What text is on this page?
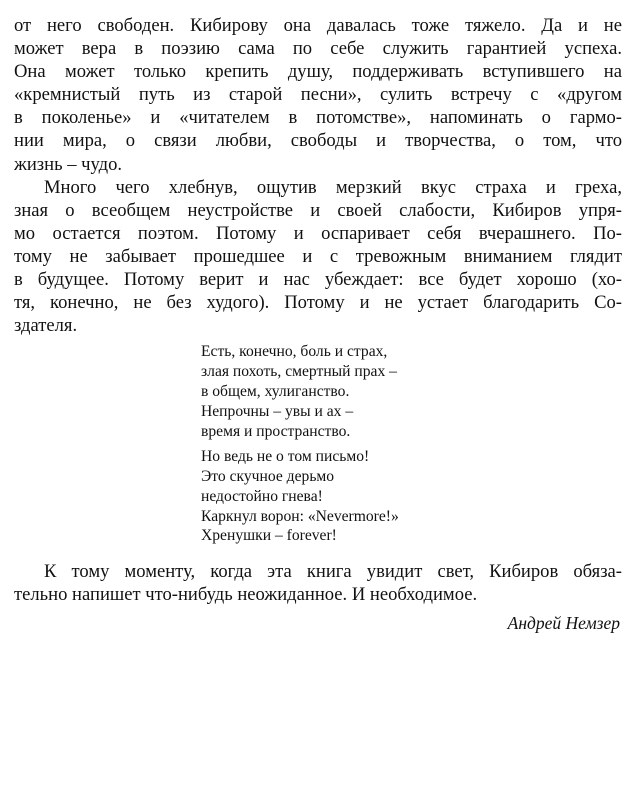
от него свободен. Кибирову она давалась тоже тяжело. Да и не
может вера в поэзию сама по себе служить гарантией успеха.
Она может только крепить душу, поддерживать вступившего на
«кремнистый путь из старой песни», сулить встречу с «другом
в поколенье» и «читателем в потомстве», напоминать о гармо-
нии мира, о связи любви, свободы и творчества, о том, что
жизнь – чудо.
Много чего хлебнув, ощутив мерзкий вкус страха и греха,
зная о всеобщем неустройстве и своей слабости, Кибиров упря-
мо остается поэтом. Потому и оспаривает себя вчерашнего. По-
тому не забывает прошедшее и с тревожным вниманием глядит
в будущее. Потому верит и нас убеждает: все будет хорошо (хо-
тя, конечно, не без худого). Потому и не устает благодарить Со-
здателя.
Есть, конечно, боль и страх,
злая похоть, смертный прах –
в общем, хулиганство.
Непрочны – увы и ах –
время и пространство.
Но ведь не о том письмо!
Это скучное дерьмо
недостойно гнева!
Каркнул ворон: «Nevermore!»
Хренушки – forever!
К тому моменту, когда эта книга увидит свет, Кибиров обяза-
тельно напишет что-нибудь неожиданное. И необходимое.
Андрей Немзер
